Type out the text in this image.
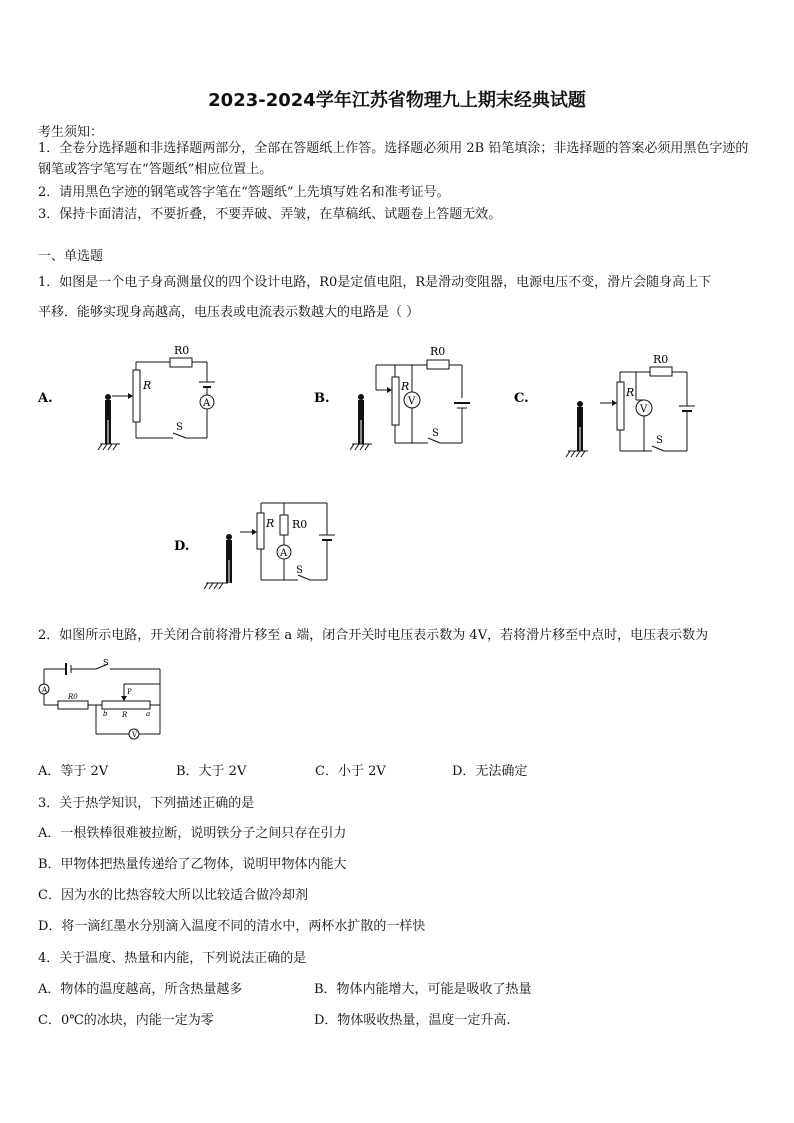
2023-2024学年江苏省物理九上期末经典试题
考生须知：
1．全卷分选择题和非选择题两部分，全部在答题纸上作答。选择题必须用 2B 铅笔填涂；非选择题的答案必须用黑色字迹的钢笔或答字笔写在“答题纸”相应位置上。
2．请用黑色字迹的钢笔或答字笔在“答题纸”上先填写姓名和准考证号。
3．保持卡面清洁，不要折叠，不要弄破、弄皱，在草稿纸、试题卷上答题无效。
一、单选题
1．如图是一个电子身高测量仪的四个设计电路，R0是定值电阻，R是滑动变阻器，电源电压不变，滑片会随身高上下
平移．能够实现身高越高，电压表或电流表示数越大的电路是（ ）
A.
R0
R
A
S
B.
R0
R
V
S
C.
R0
R
V
S
D.
R0
R
A
S
2．如图所示电路，开关闭合前将滑片移至 a 端，闭合开关时电压表示数为 4V，若将滑片移至中点时，电压表示数为
A
S
R0
P
b R	a
V
A．等于 2V	B．大于 2V	C．小于 2V	D．无法确定
3．关于热学知识，下列描述正确的是
A．一根铁棒很难被拉断，说明铁分子之间只存在引力
B．甲物体把热量传递给了乙物体，说明甲物体内能大
C．因为水的比热容较大所以比较适合做冷却剂
D．将一滴红墨水分别滴入温度不同的清水中，两杯水扩散的一样快
4．关于温度、热量和内能，下列说法正确的是
A．物体的温度越高，所含热量越多	B．物体内能增大，可能是吸收了热量
C．0℃的冰块，内能一定为零	D．物体吸收热量，温度一定升高.
